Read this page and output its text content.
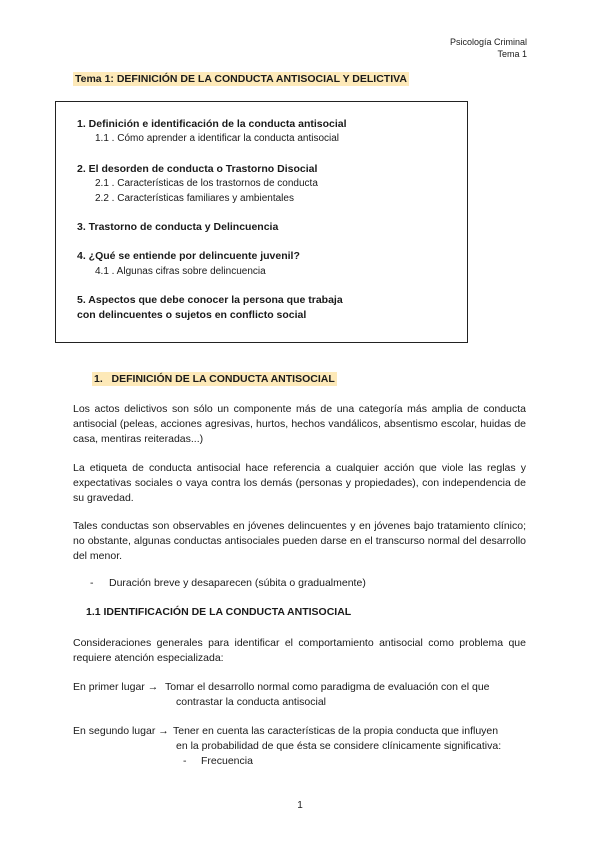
Psicología Criminal
Tema 1
Tema 1: DEFINICIÓN DE LA CONDUCTA ANTISOCIAL Y DELICTIVA
1. Definición e identificación de la conducta antisocial
1.1 . Cómo aprender a identificar la conducta antisocial
2. El desorden de conducta o Trastorno Disocial
2.1 . Características de los trastornos de conducta
2.2 . Características familiares y ambientales
3. Trastorno de conducta y Delincuencia
4. ¿Qué se entiende por delincuente juvenil?
4.1 . Algunas cifras sobre delincuencia
5. Aspectos que debe conocer la persona que trabaja
con delincuentes o sujetos en conflicto social
1. DEFINICIÓN DE LA CONDUCTA ANTISOCIAL
Los actos delictivos son sólo un componente más de una categoría más amplia de conducta antisocial (peleas, acciones agresivas, hurtos, hechos vandálicos, absentismo escolar, huidas de casa, mentiras reiteradas...)
La etiqueta de conducta antisocial hace referencia a cualquier acción que viole las reglas y expectativas sociales o vaya contra los demás (personas y propiedades), con independencia de su gravedad.
Tales conductas son observables en jóvenes delincuentes y en jóvenes bajo tratamiento clínico; no obstante, algunas conductas antisociales pueden darse en el transcurso normal del desarrollo del menor.
- Duración breve y desaparecen (súbita o gradualmente)
1.1 IDENTIFICACIÓN DE LA CONDUCTA ANTISOCIAL
Consideraciones generales para identificar el comportamiento antisocial como problema que requiere atención especializada:
En primer lugar → Tomar el desarrollo normal como paradigma de evaluación con el que
contrastar la conducta antisocial
En segundo lugar → Tener en cuenta las características de la propia conducta que influyen
en la probabilidad de que ésta se considere clínicamente significativa:
- Frecuencia
1
